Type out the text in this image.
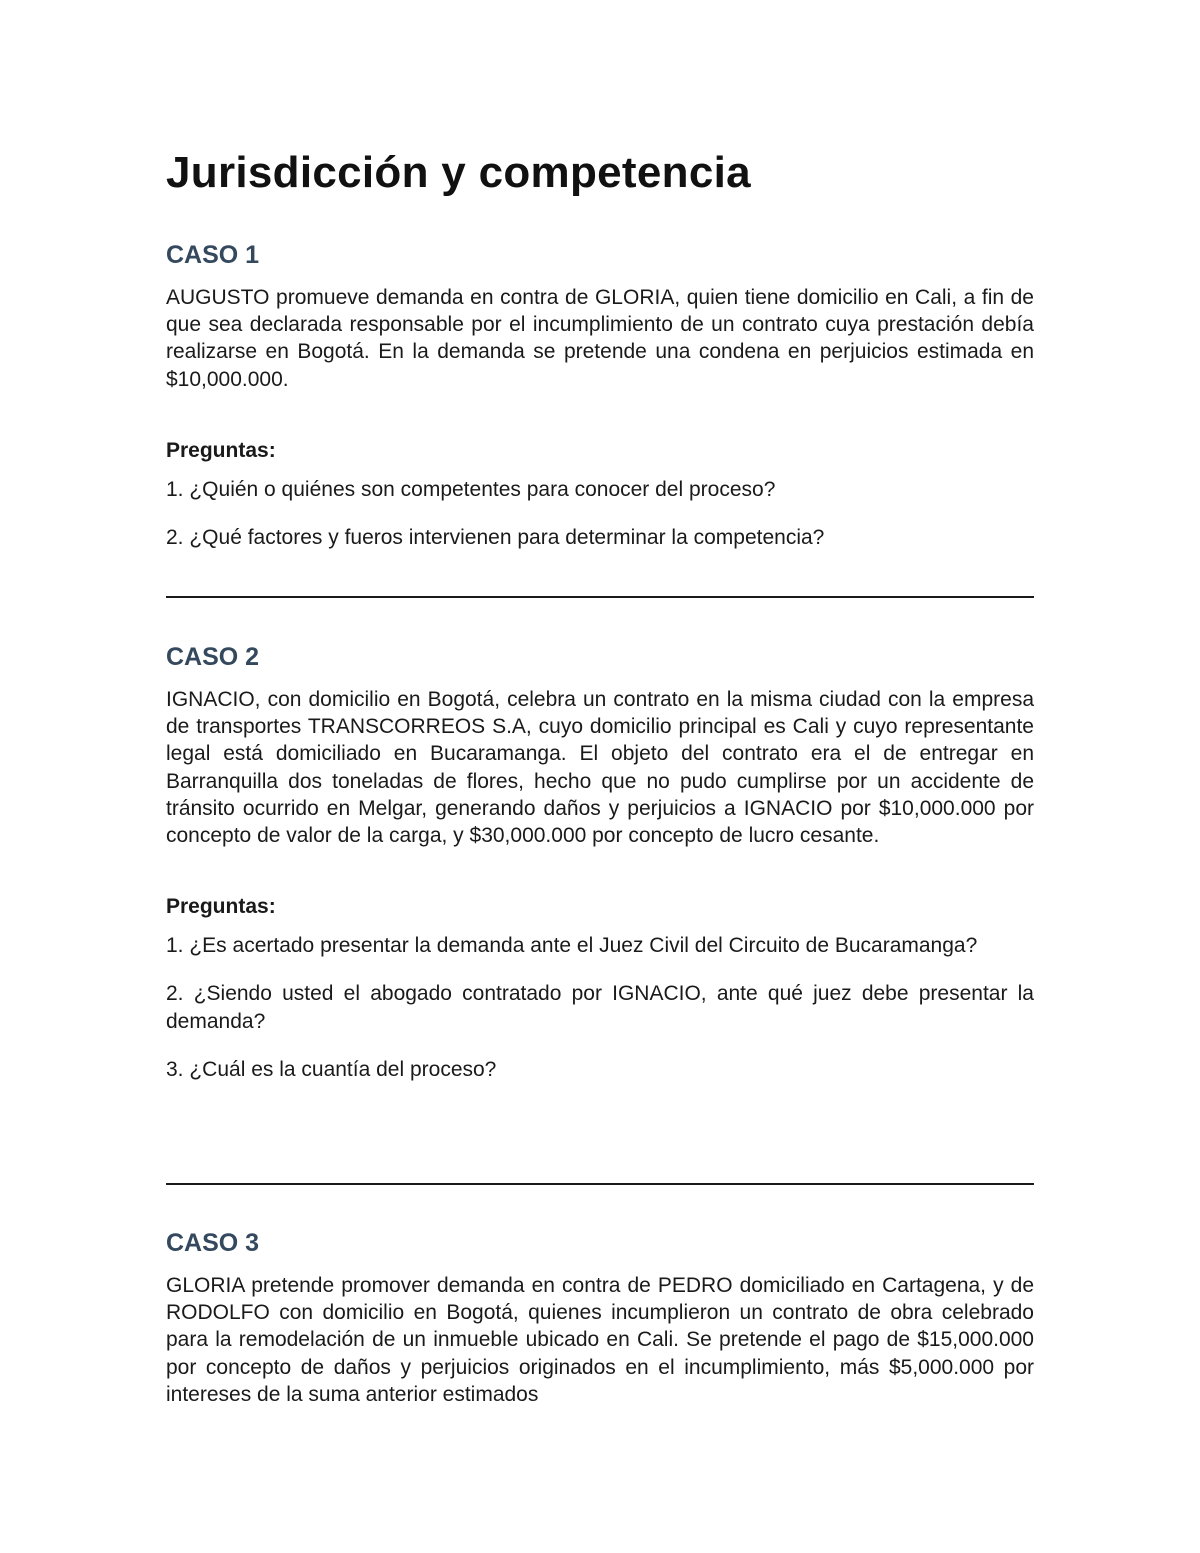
Jurisdicción y competencia
CASO 1

AUGUSTO promueve demanda en contra de GLORIA, quien tiene domicilio en Cali, a fin de que sea declarada responsable por el incumplimiento de un contrato cuya prestación debía realizarse en Bogotá. En la demanda se pretende una condena en perjuicios estimada en $10,000.000.

Preguntas:

1. ¿Quién o quiénes son competentes para conocer del proceso?

2. ¿Qué factores y fueros intervienen para determinar la competencia?

CASO 2

IGNACIO, con domicilio en Bogotá, celebra un contrato en la misma ciudad con la empresa de transportes TRANSCORREOS S.A, cuyo domicilio principal es Cali y cuyo representante legal está domiciliado en Bucaramanga. El objeto del contrato era el de entregar en Barranquilla dos toneladas de flores, hecho que no pudo cumplirse por un accidente de tránsito ocurrido en Melgar, generando daños y perjuicios a IGNACIO por $10,000.000 por concepto de valor de la carga, y $30,000.000 por concepto de lucro cesante.

Preguntas:

1. ¿Es acertado presentar la demanda ante el Juez Civil del Circuito de Bucaramanga?

2. ¿Siendo usted el abogado contratado por IGNACIO, ante qué juez debe presentar la demanda?

3. ¿Cuál es la cuantía del proceso?

CASO 3

GLORIA pretende promover demanda en contra de PEDRO domiciliado en Cartagena, y de RODOLFO con domicilio en Bogotá, quienes incumplieron un contrato de obra celebrado para la remodelación de un inmueble ubicado en Cali. Se pretende el pago de $15,000.000 por concepto de daños y perjuicios originados en el incumplimiento, más $5,000.000 por intereses de la suma anterior estimados
